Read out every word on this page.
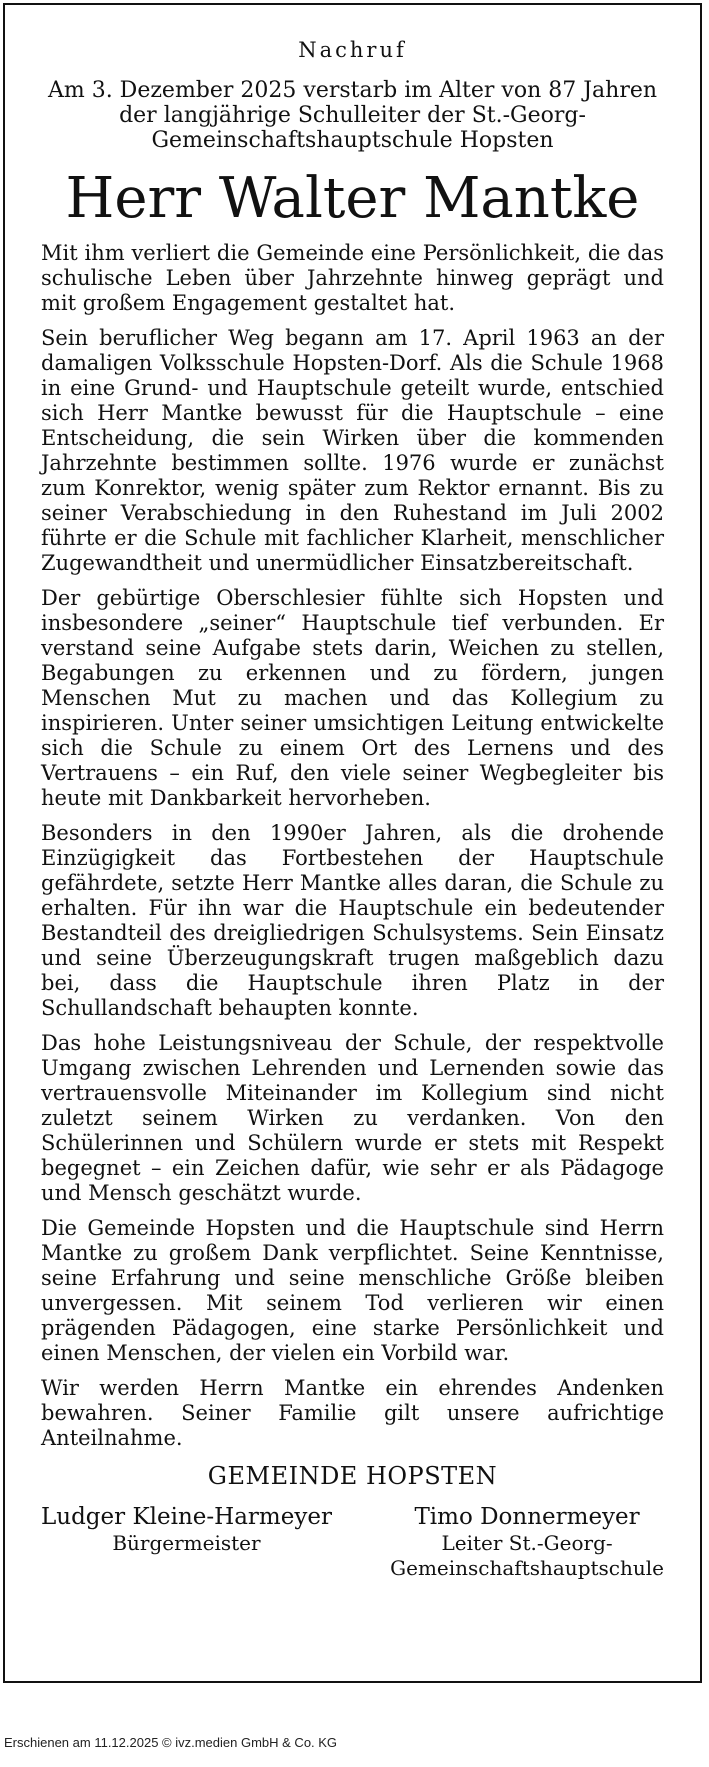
Nachruf
Am 3. Dezember 2025 verstarb im Alter von 87 Jahren
der langjährige Schulleiter der St.-Georg-
Gemeinschaftshauptschule Hopsten
Herr Walter Mantke

Mit ihm verliert die Gemeinde eine Persönlichkeit, die das schulische Leben über Jahrzehnte hinweg geprägt und mit großem Engagement gestaltet hat.

Sein beruflicher Weg begann am 17. April 1963 an der damaligen Volksschule Hopsten-Dorf. Als die Schule 1968 in eine Grund- und Hauptschule geteilt wurde, entschied sich Herr Mantke bewusst für die Hauptschule – eine Entscheidung, die sein Wirken über die kommenden Jahrzehnte bestimmen sollte. 1976 wurde er zunächst zum Konrektor, wenig später zum Rektor ernannt. Bis zu seiner Verabschiedung in den Ruhestand im Juli 2002 führte er die Schule mit fachlicher Klarheit, menschlicher Zugewandtheit und unermüdlicher Einsatzbereitschaft.

Der gebürtige Oberschlesier fühlte sich Hopsten und insbesondere „seiner“ Hauptschule tief verbunden. Er verstand seine Aufgabe stets darin, Weichen zu stellen, Begabungen zu erkennen und zu fördern, jungen Menschen Mut zu machen und das Kollegium zu inspirieren. Unter seiner umsichtigen Leitung entwickelte sich die Schule zu einem Ort des Lernens und des Vertrauens – ein Ruf, den viele seiner Wegbegleiter bis heute mit Dankbarkeit hervorheben.

Besonders in den 1990er Jahren, als die drohende Einzügigkeit das Fortbestehen der Hauptschule gefährdete, setzte Herr Mantke alles daran, die Schule zu erhalten. Für ihn war die Hauptschule ein bedeutender Bestandteil des dreigliedrigen Schulsystems. Sein Einsatz und seine Überzeugungskraft trugen maßgeblich dazu bei, dass die Hauptschule ihren Platz in der Schullandschaft behaupten konnte.

Das hohe Leistungsniveau der Schule, der respektvolle Umgang zwischen Lehrenden und Lernenden sowie das vertrauensvolle Miteinander im Kollegium sind nicht zuletzt seinem Wirken zu verdanken. Von den Schülerinnen und Schülern wurde er stets mit Respekt begegnet – ein Zeichen dafür, wie sehr er als Pädagoge und Mensch geschätzt wurde.

Die Gemeinde Hopsten und die Hauptschule sind Herrn Mantke zu großem Dank verpflichtet. Seine Kenntnisse, seine Erfahrung und seine menschliche Größe bleiben unvergessen. Mit seinem Tod verlieren wir einen prägenden Pädagogen, eine starke Persönlichkeit und einen Menschen, der vielen ein Vorbild war.

Wir werden Herrn Mantke ein ehrendes Andenken bewahren. Seiner Familie gilt unsere aufrichtige Anteilnahme.

GEMEINDE HOPSTEN
Ludger Kleine-Harmeyer
Bürgermeister
Timo Donnermeyer
Leiter St.-Georg-
Gemeinschaftshauptschule
Erschienen am 11.12.2025 © ivz.medien GmbH & Co. KG
